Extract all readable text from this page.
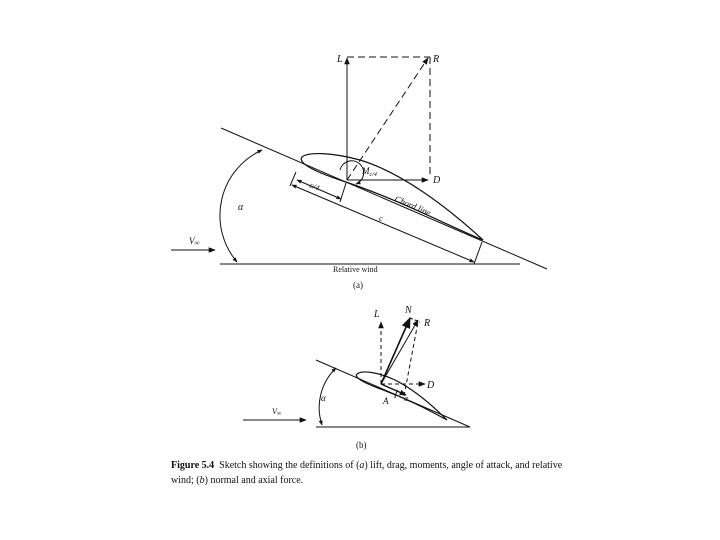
L	R
D
$M_{c/4}$
Chord line
c/4
c
α
V∞
Relative wind
(a)
L	N
R
D
A α
α
V∞
(b)
Figure 5.4 Sketch showing the definitions of (a) lift, drag, moments, angle of attack, and relative wind; (b) normal and axial force.
